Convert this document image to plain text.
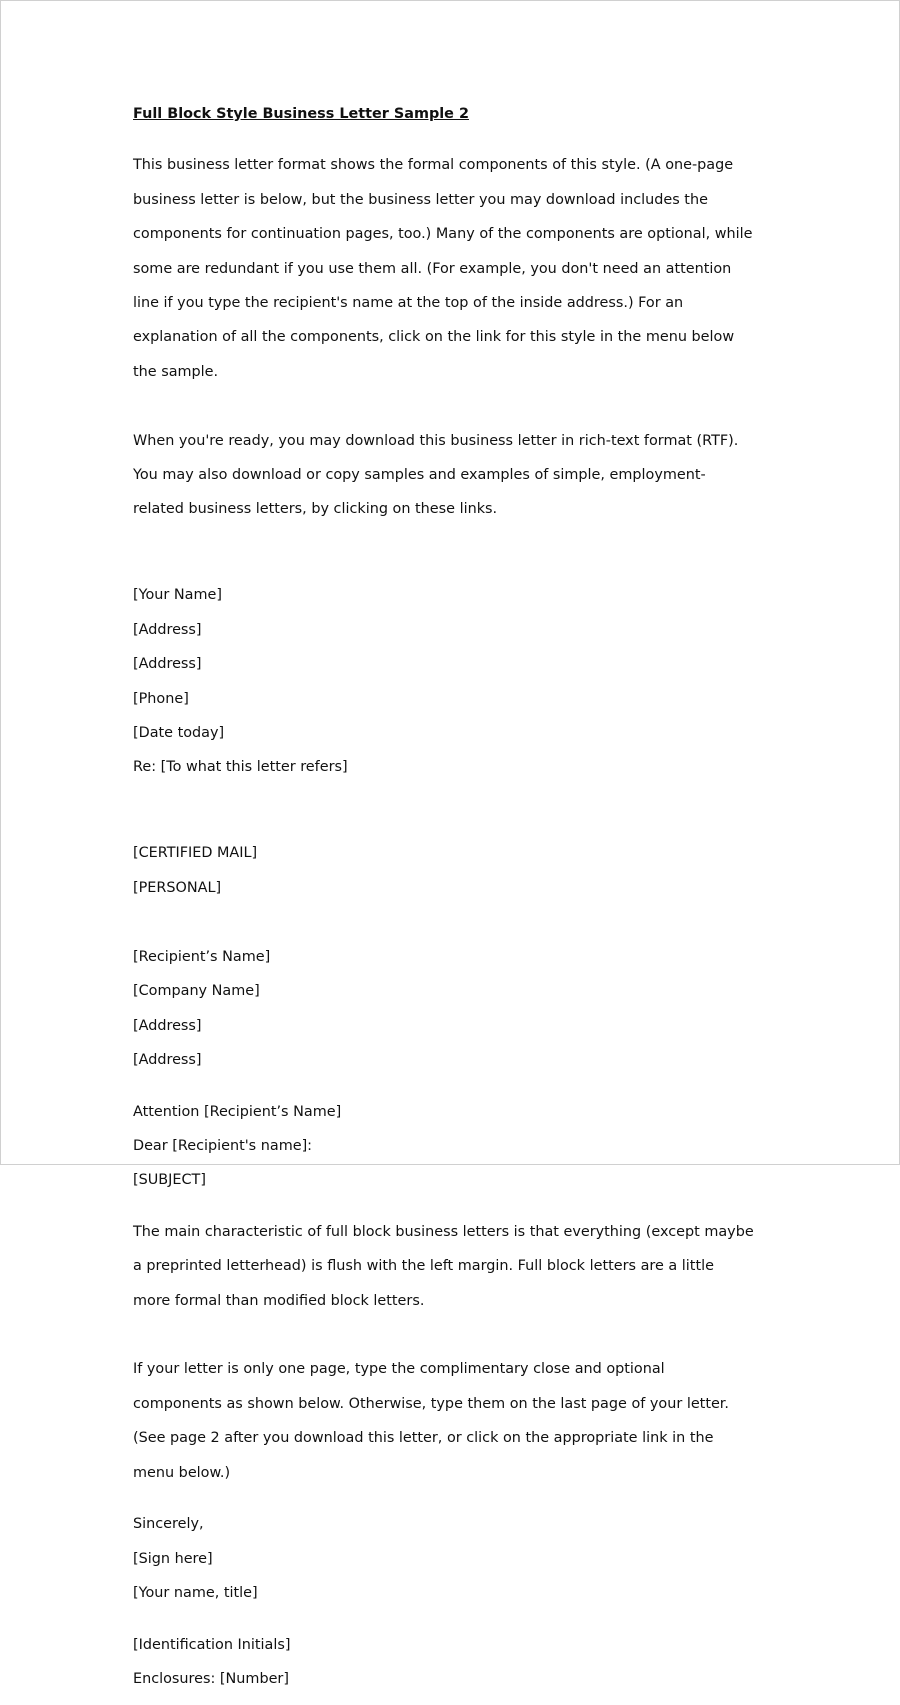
Full Block Style Business Letter Sample 2

This business letter format shows the formal components of this style. (A one-page

business letter is below, but the business letter you may download includes the

components for continuation pages, too.) Many of the components are optional, while

some are redundant if you use them all. (For example, you don't need an attention

line if you type the recipient's name at the top of the inside address.) For an

explanation of all the components, click on the link for this style in the menu below

the sample.

When you're ready, you may download this business letter in rich-text format (RTF).

You may also download or copy samples and examples of simple, employment-

related business letters, by clicking on these links.

[Your Name]

[Address]

[Address]

[Phone]

[Date today]

Re: [To what this letter refers]

[CERTIFIED MAIL]

[PERSONAL]

[Recipient’s Name]

[Company Name]

[Address]

[Address]

Attention [Recipient’s Name]
Dear [Recipient's name]:
[SUBJECT]

The main characteristic of full block business letters is that everything (except maybe

a preprinted letterhead) is flush with the left margin. Full block letters are a little

more formal than modified block letters.

If your letter is only one page, type the complimentary close and optional

components as shown below. Otherwise, type them on the last page of your letter.

(See page 2 after you download this letter, or click on the appropriate link in the

menu below.)

Sincerely,
[Sign here]
[Your name, title]

[Identification Initials]

Enclosures: [Number]
